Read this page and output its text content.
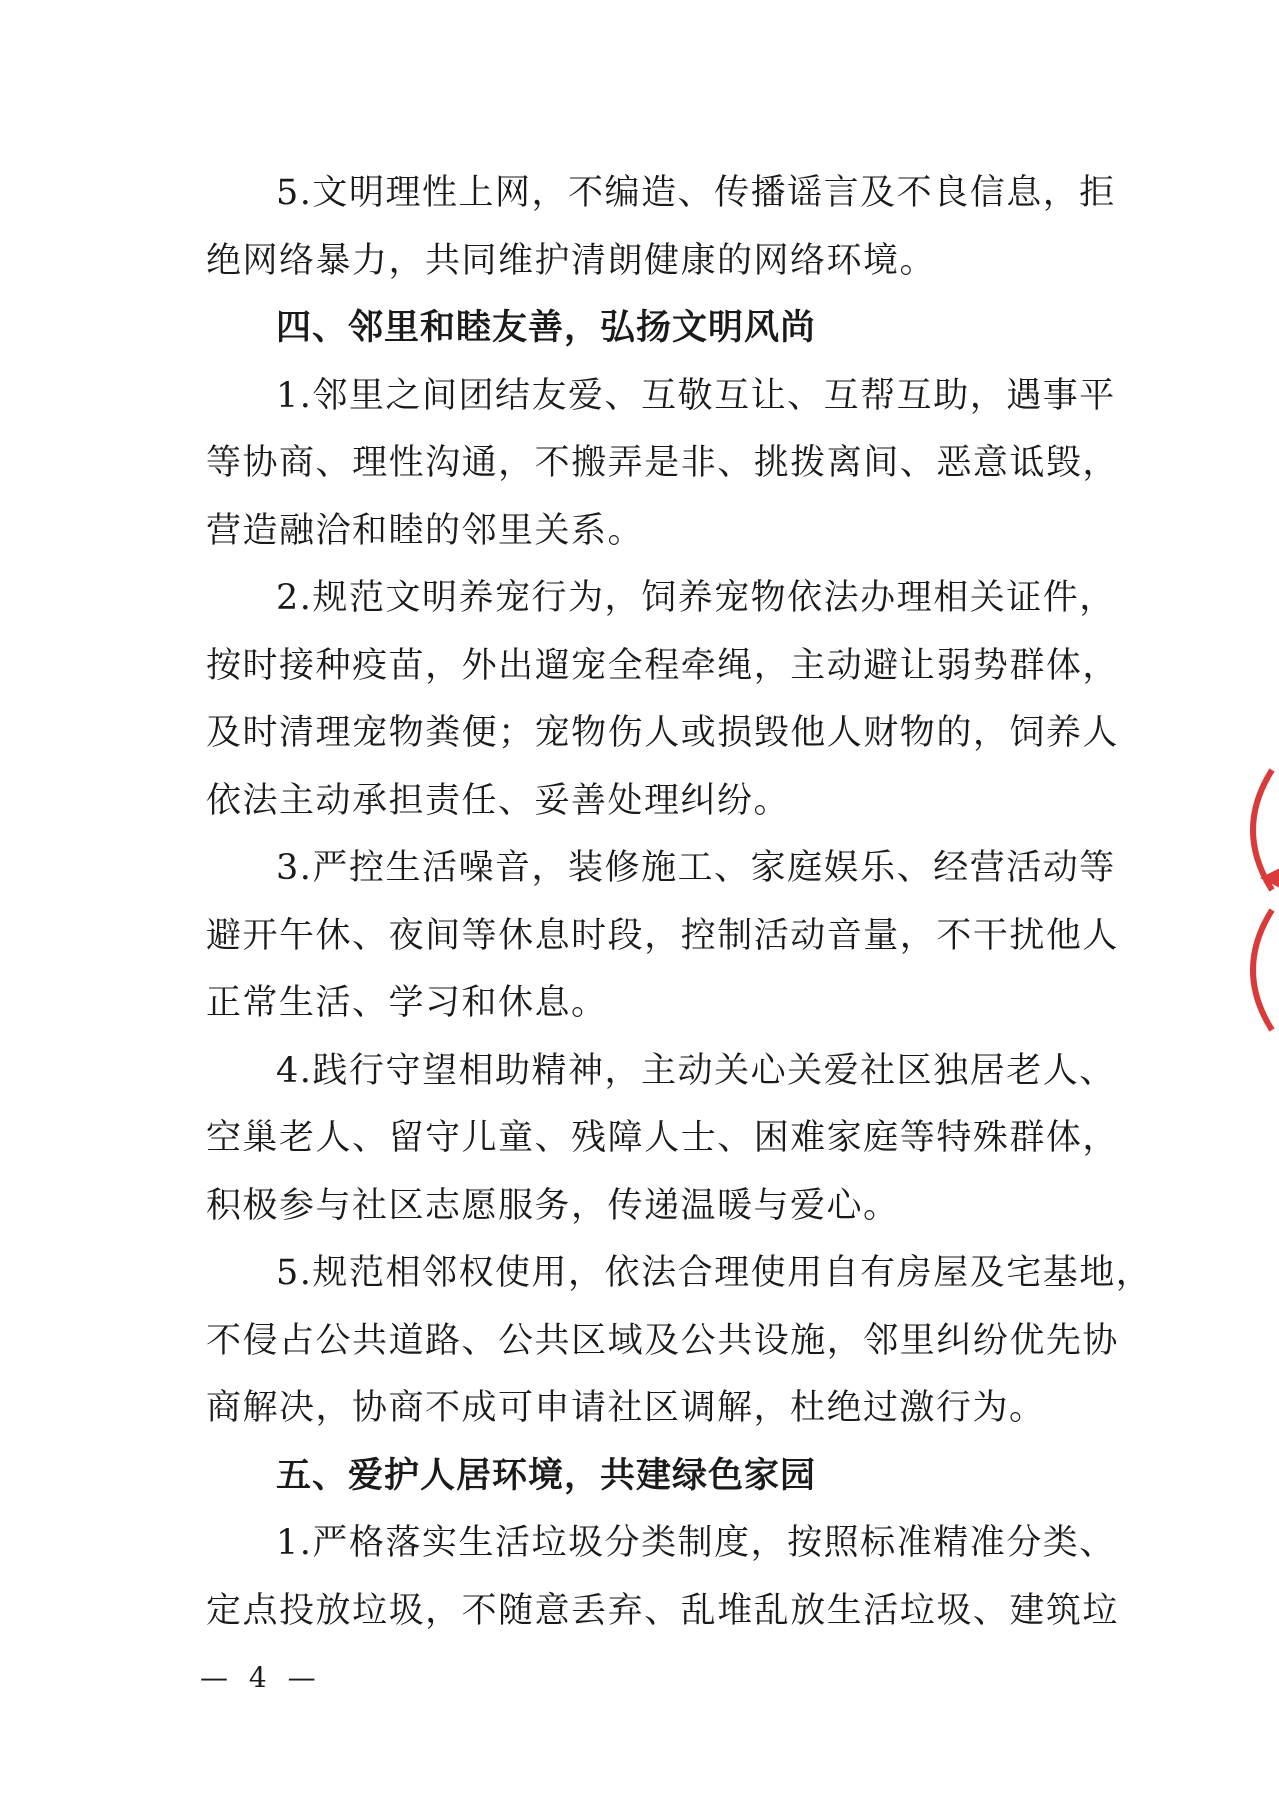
5 . 文 明 理 性 上 网 ， 不 编 造 、 传 播 谣 言 及 不 良 信 息 ， 拒
绝网络暴力，共同维护清朗健康的网络环境。
四、邻里和睦友善，弘扬文明风尚
1 . 邻 里 之 间 团 结 友 爱 、 互 敬 互 让 、 互 帮 互 助 ， 遇 事 平
等 协 商 、 理 性 沟 通 ， 不 搬 弄 是 非 、 挑 拨 离 间 、 恶 意 诋 毁 ，
营造融洽和睦的邻里关系。
2 . 规 范 文 明 养 宠 行 为 ， 饲 养 宠 物 依 法 办 理 相 关 证 件 ，
按 时 接 种 疫 苗 ， 外 出 遛 宠 全 程 牵 绳 ， 主 动 避 让 弱 势 群 体 ，
及 时 清 理 宠 物 粪 便 ； 宠 物 伤 人 或 损 毁 他 人 财 物 的 ， 饲 养 人
依法主动承担责任、妥善处理纠纷。
3 . 严 控 生 活 噪 音 ， 装 修 施 工 、 家 庭 娱 乐 、 经 营 活 动 等
避 开 午 休 、 夜 间 等 休 息 时 段 ， 控 制 活 动 音 量 ， 不 干 扰 他 人
正常生活、学习和休息。
4 . 践 行 守 望 相 助 精 神 ， 主 动 关 心 关 爱 社 区 独 居 老 人 、
空 巢 老 人 、 留 守 儿 童 、 残 障 人 士 、 困 难 家 庭 等 特 殊 群 体 ，
积极参与社区志愿服务，传递温暖与爱心。
5 . 规 范 相 邻 权 使 用 ， 依 法 合 理 使 用 自 有 房 屋 及 宅 基 地 ，
不 侵 占 公 共 道 路 、 公 共 区 域 及 公 共 设 施 ， 邻 里 纠 纷 优 先 协
商解决，协商不成可申请社区调解，杜绝过激行为。
五、爱护人居环境，共建绿色家园
1 . 严 格 落 实 生 活 垃 圾 分 类 制 度 ， 按 照 标 准 精 准 分 类 、
定 点 投 放 垃 圾 ， 不 随 意 丢 弃 、 乱 堆 乱 放 生 活 垃 圾 、 建 筑 垃
— 4 —
